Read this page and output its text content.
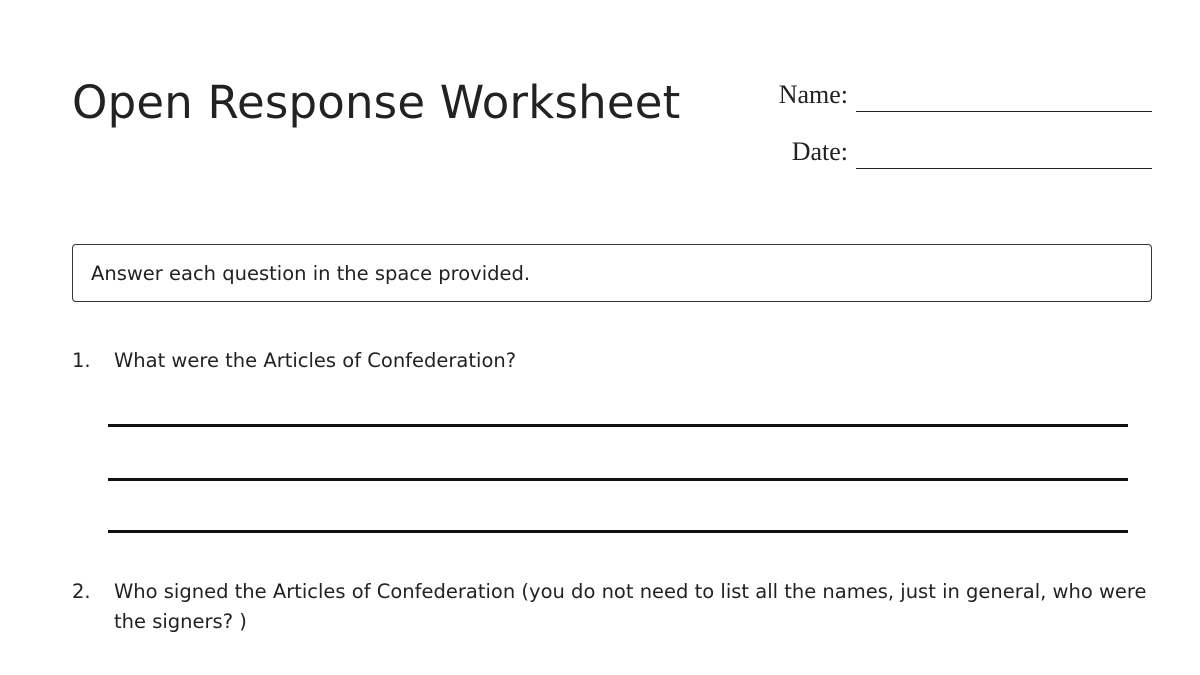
Open Response Worksheet	Name:
Date:
Answer each question in the space provided.
1.	What were the Articles of Confederation?
2.	Who signed the Articles of Confederation (you do not need to list all the names, just in general, who were the signers? )
